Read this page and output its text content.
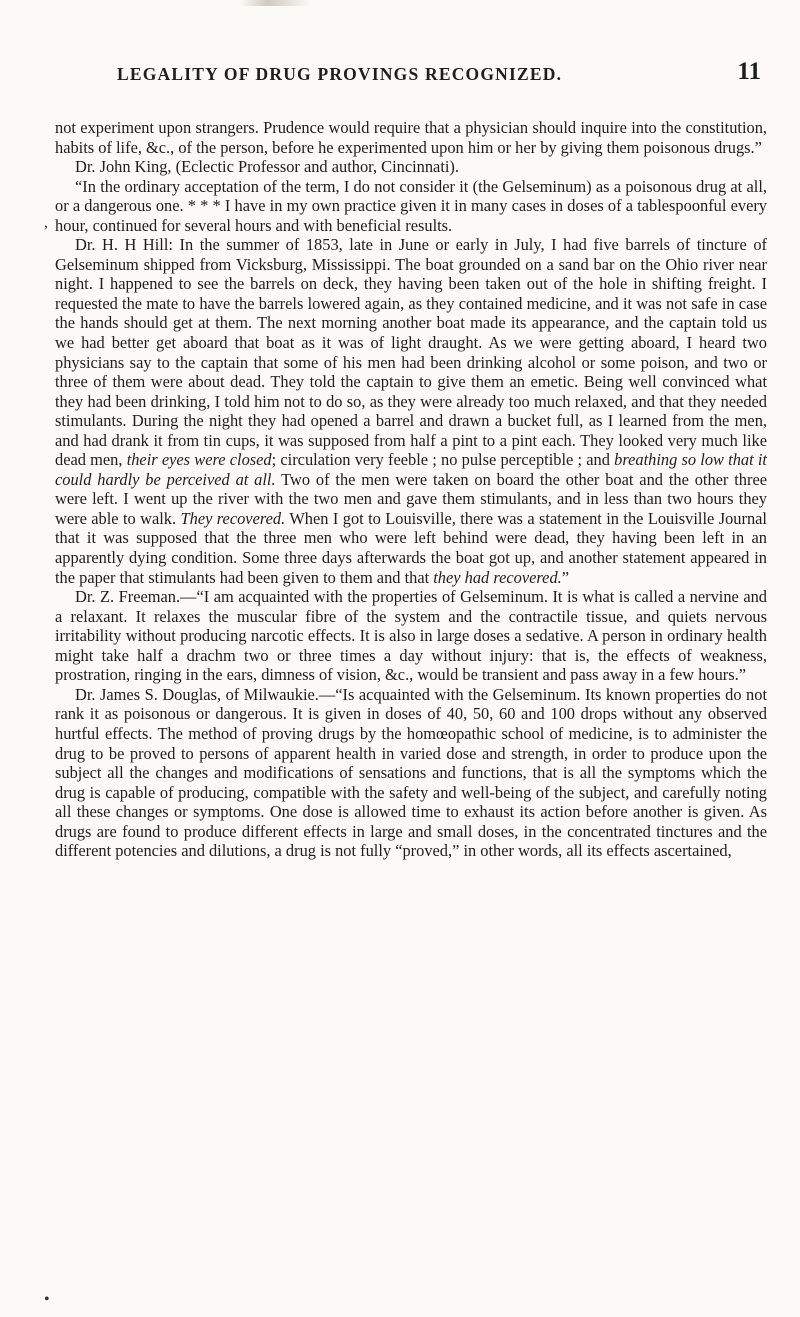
LEGALITY OF DRUG PROVINGS RECOGNIZED.	11

not experiment upon strangers. Prudence would require that a physician should inquire into the constitution, habits of life, &c., of the person, before he experimented upon him or her by giving them poisonous drugs.”

Dr. John King, (Eclectic Professor and author, Cincinnati).

“In the ordinary acceptation of the term, I do not consider it (the Gelseminum) as a poisonous drug at all, or a dangerous one. * * * I have in my own practice given it in many cases in doses of a tablespoonful every hour, continued for several hours and with beneficial results.

Dr. H. H Hill: In the summer of 1853, late in June or early in July, I had five barrels of tincture of Gelseminum shipped from Vicksburg, Mississippi. The boat grounded on a sand bar on the Ohio river near night. I happened to see the barrels on deck, they having been taken out of the hole in shifting freight. I requested the mate to have the barrels lowered again, as they contained medicine, and it was not safe in case the hands should get at them. The next morning another boat made its appearance, and the captain told us we had better get aboard that boat as it was of light draught. As we were getting aboard, I heard two physicians say to the captain that some of his men had been drinking alcohol or some poison, and two or three of them were about dead. They told the captain to give them an emetic. Being well convinced what they had been drinking, I told him not to do so, as they were already too much relaxed, and that they needed stimulants. During the night they had opened a barrel and drawn a bucket full, as I learned from the men, and had drank it from tin cups, it was supposed from half a pint to a pint each. They looked very much like dead men, their eyes were closed; circulation very feeble ; no pulse perceptible ; and breathing so low that it could hardly be perceived at all. Two of the men were taken on board the other boat and the other three were left. I went up the river with the two men and gave them stimulants, and in less than two hours they were able to walk. They recovered. When I got to Louisville, there was a statement in the Louisville Journal that it was supposed that the three men who were left behind were dead, they having been left in an apparently dying condition. Some three days afterwards the boat got up, and another statement appeared in the paper that stimulants had been given to them and that they had recovered.”

Dr. Z. Freeman.—“I am acquainted with the properties of Gelseminum. It is what is called a nervine and a relaxant. It relaxes the muscular fibre of the system and the contractile tissue, and quiets nervous irritability without producing narcotic effects. It is also in large doses a sedative. A person in ordinary health might take half a drachm two or three times a day without injury: that is, the effects of weakness, prostration, ringing in the ears, dimness of vision, &c., would be transient and pass away in a few hours.”

Dr. James S. Douglas, of Milwaukie.—“Is acquainted with the Gelseminum. Its known properties do not rank it as poisonous or dangerous. It is given in doses of 40, 50, 60 and 100 drops without any observed hurtful effects. The method of proving drugs by the homœopathic school of medicine, is to administer the drug to be proved to persons of apparent health in varied dose and strength, in order to produce upon the subject all the changes and modifications of sensations and functions, that is all the symptoms which the drug is capable of producing, compatible with the safety and well-being of the subject, and carefully noting all these changes or symptoms. One dose is allowed time to exhaust its action before another is given. As drugs are found to produce different effects in large and small doses, in the concentrated tinctures and the different potencies and dilutions, a drug is not fully “proved,” in other words, all its effects ascertained,

,
•
